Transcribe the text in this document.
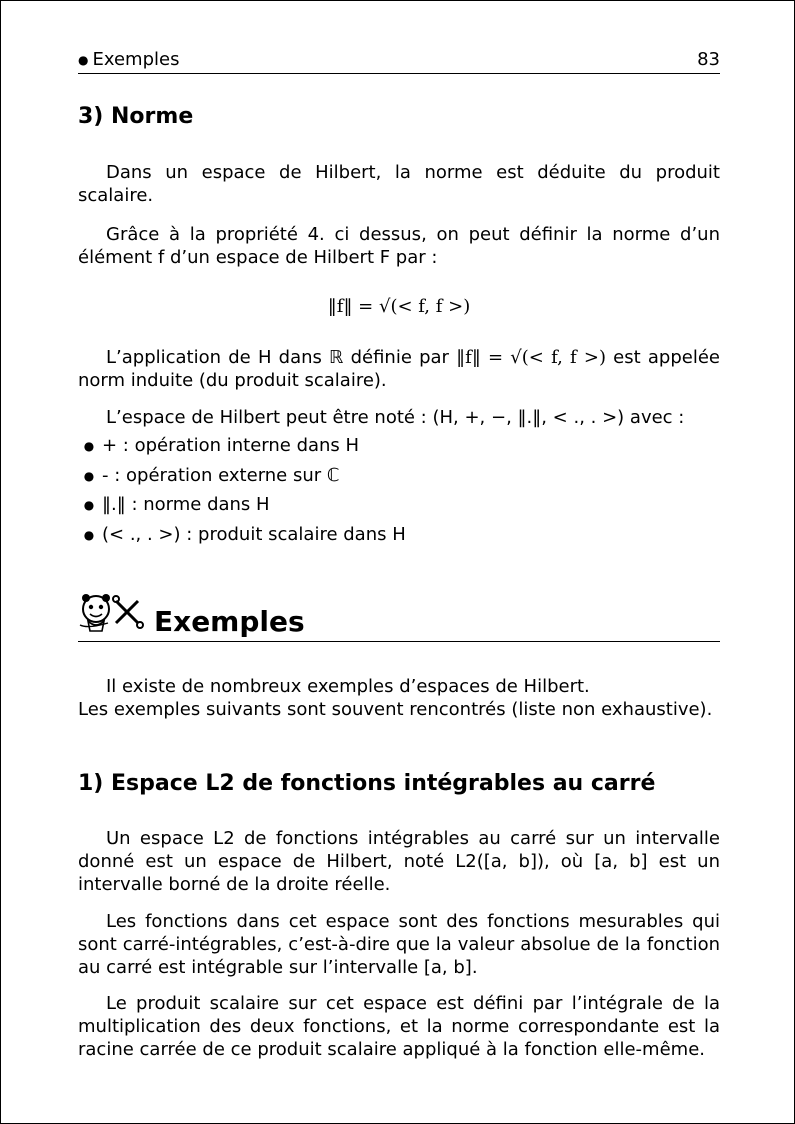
● Exemples	83
3) Norme

Dans un espace de Hilbert, la norme est déduite du produit scalaire.

Grâce à la propriété 4. ci dessus, on peut définir la norme d’un élément f d’un espace de Hilbert F par :

‖f‖ = √(< f, f >)

L’application de H dans ℝ définie par ‖f‖ = √(< f, f >) est appelée norm induite (du produit scalaire).

L’espace de Hilbert peut être noté : (H, +, −, ‖.‖, < ., . >) avec :

● + : opération interne dans H
● - : opération externe sur ℂ
● ‖.‖ : norme dans H
● (< ., . >) : produit scalaire dans H
Exemples

Il existe de nombreux exemples d’espaces de Hilbert.

Les exemples suivants sont souvent rencontrés (liste non exhaustive).

1) Espace L2 de fonctions intégrables au carré

Un espace L2 de fonctions intégrables au carré sur un intervalle donné est un espace de Hilbert, noté L2([a, b]), où [a, b] est un intervalle borné de la droite réelle.

Les fonctions dans cet espace sont des fonctions mesurables qui sont carré-intégrables, c’est-à-dire que la valeur absolue de la fonction au carré est intégrable sur l’intervalle [a, b].

Le produit scalaire sur cet espace est défini par l’intégrale de la multiplication des deux fonctions, et la norme correspondante est la racine carrée de ce produit scalaire appliqué à la fonction elle-même.
